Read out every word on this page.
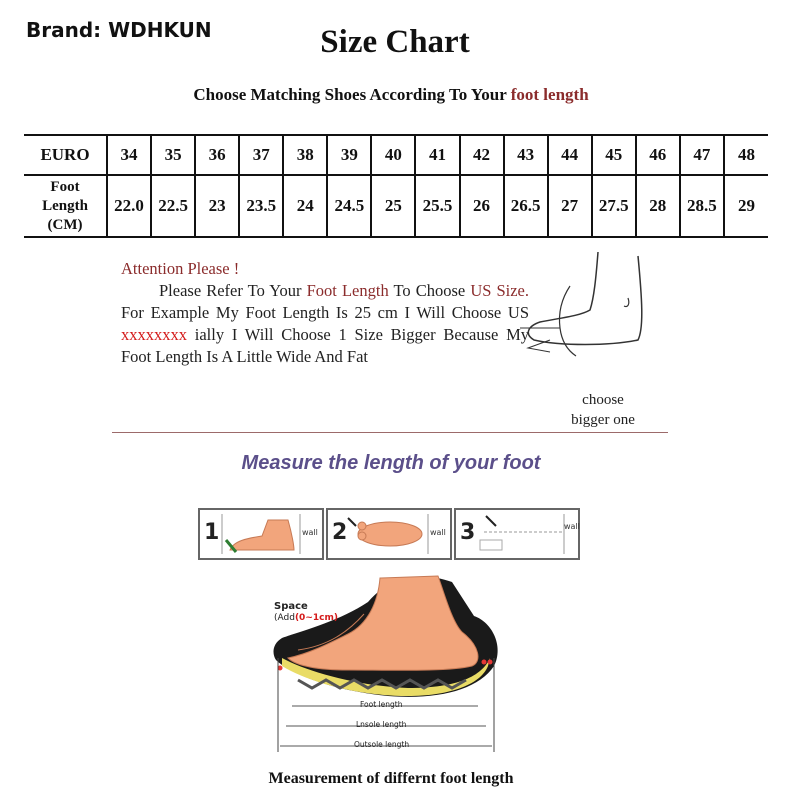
Brand: WDHKUN	Size Chart
Choose Matching Shoes According To Your foot length
EURO	34	35	36	37	38	39	40	41	42	43	44	45	46	47	48
Foot
Length
(CM)	22.0	22.5	23	23.5	24	24.5	25	25.5	26	26.5	27	27.5	28	28.5	29
Attention Please !
Please Refer To Your Foot Length To Choose US Size. For Example My Foot Length Is 25 cm I Will Choose US xxxxxxxx ially I Will Choose 1 Size Bigger Because My Foot Length Is A Little Wide And Fat
choose
bigger one
Measure the length of your foot
1	wall 2	wall 3	wall
Space
(Add(0~1cm)
Foot length
Lnsole length
Outsole length
Measurement of differnt foot length
